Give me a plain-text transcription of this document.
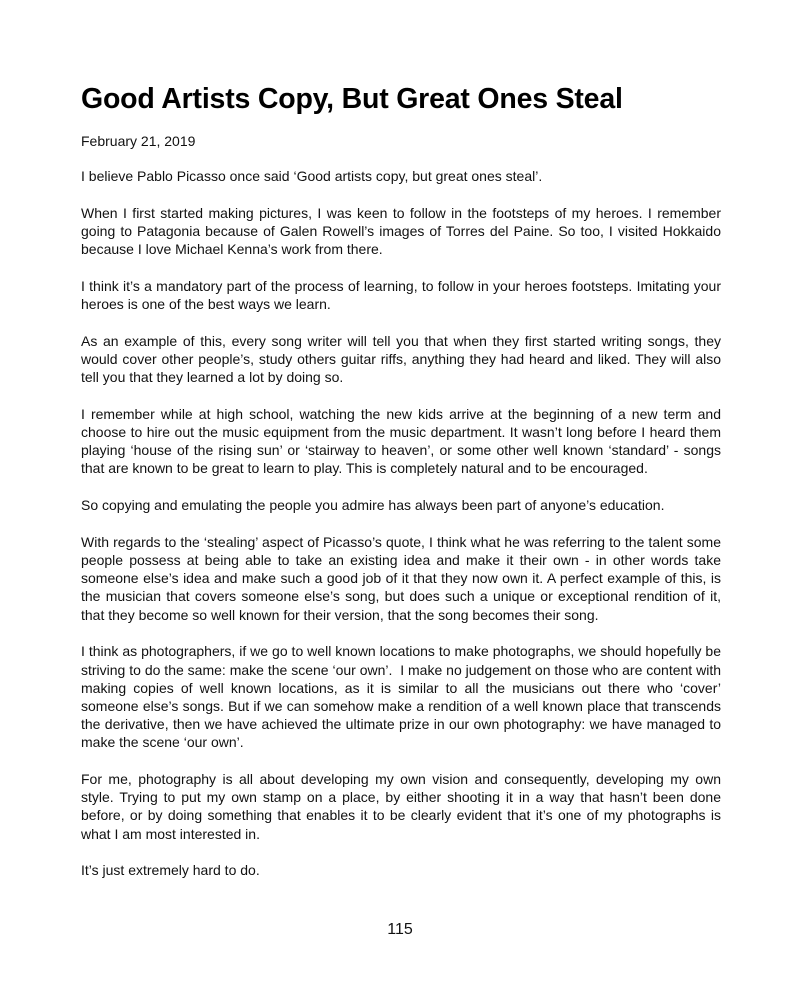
Good Artists Copy, But Great Ones Steal
February 21, 2019

I believe Pablo Picasso once said ‘Good artists copy, but great ones steal’.

When I first started making pictures, I was keen to follow in the footsteps of my heroes. I remember going to Patagonia because of Galen Rowell’s images of Torres del Paine. So too, I visited Hokkaido because I love Michael Kenna’s work from there.

I think it’s a mandatory part of the process of learning, to follow in your heroes footsteps. Imitating your heroes is one of the best ways we learn.

As an example of this, every song writer will tell you that when they first started writing songs, they would cover other people’s, study others guitar riffs, anything they had heard and liked. They will also tell you that they learned a lot by doing so.

I remember while at high school, watching the new kids arrive at the beginning of a new term and choose to hire out the music equipment from the music department. It wasn’t long before I heard them playing ‘house of the rising sun’ or ‘stairway to heaven’, or some other well known ‘standard’ - songs that are known to be great to learn to play. This is completely natural and to be encouraged.

So copying and emulating the people you admire has always been part of anyone’s education.

With regards to the ‘stealing’ aspect of Picasso’s quote, I think what he was referring to the talent some people possess at being able to take an existing idea and make it their own - in other words take someone else’s idea and make such a good job of it that they now own it. A perfect example of this, is the musician that covers someone else’s song, but does such a unique or exceptional rendition of it, that they become so well known for their version, that the song becomes their song.

I think as photographers, if we go to well known locations to make photographs, we should hopefully be striving to do the same: make the scene ‘our own’.  I make no judgement on those who are content with making copies of well known locations, as it is similar to all the musicians out there who ‘cover’ someone else’s songs. But if we can somehow make a rendition of a well known place that transcends the derivative, then we have achieved the ultimate prize in our own photography: we have managed to make the scene ‘our own’.

For me, photography is all about developing my own vision and consequently, developing my own style. Trying to put my own stamp on a place, by either shooting it in a way that hasn’t been done before, or by doing something that enables it to be clearly evident that it’s one of my photographs is what I am most interested in.

It’s just extremely hard to do.

115
